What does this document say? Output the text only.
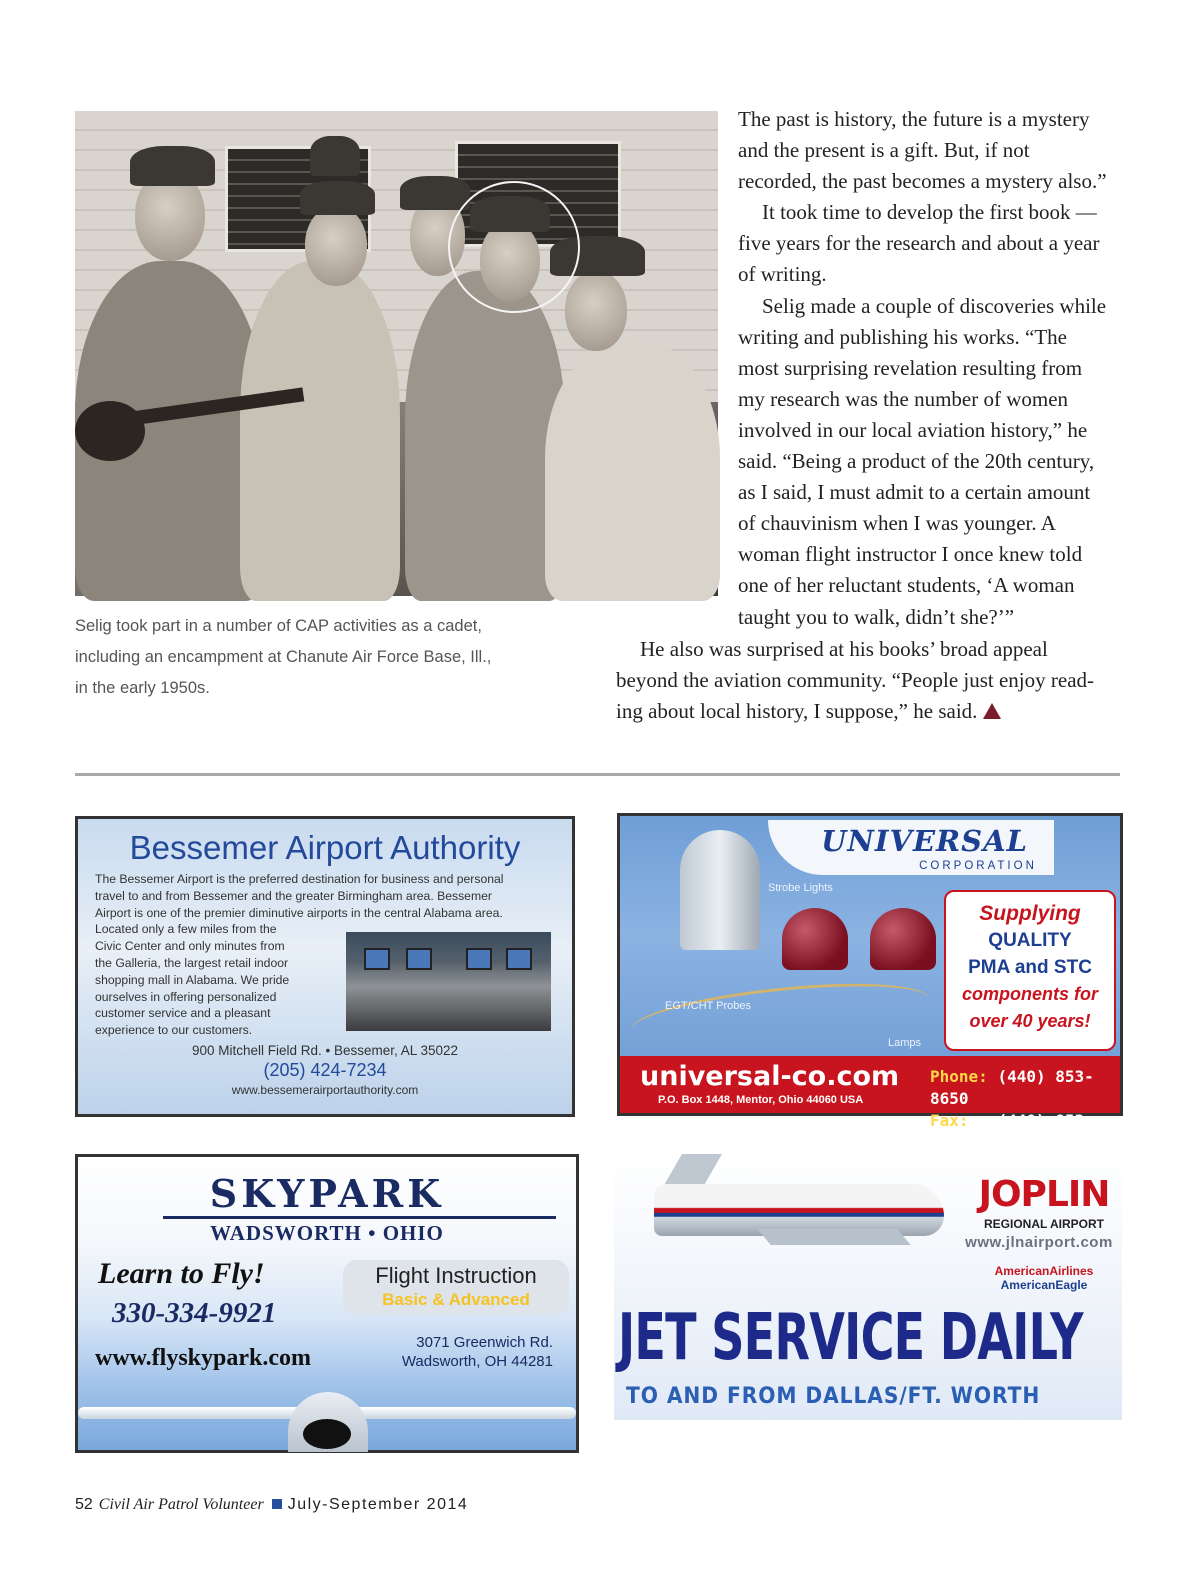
Selig took part in a number of CAP activities as a cadet,
including an encampment at Chanute Air Force Base, Ill.,
in the early 1950s.
The past is history, the future is a mystery
and the present is a gift. But, if not
recorded, the past becomes a mystery also.”
It took time to develop the first book —
five years for the research and about a year
of writing.
Selig made a couple of discoveries while
writing and publishing his works. “The
most surprising revelation resulting from
my research was the number of women
involved in our local aviation history,” he
said. “Being a product of the 20th century,
as I said, I must admit to a certain amount
of chauvinism when I was younger. A
woman flight instructor I once knew told
one of her reluctant students, ‘A woman
taught you to walk, didn’t she?’”
He also was surprised at his books’ broad appeal
beyond the aviation community. “People just enjoy read-
ing about local history, I suppose,” he said.
Bessemer Airport Authority
The Bessemer Airport is the preferred destination for business and personal
travel to and from Bessemer and the greater Birmingham area. Bessemer
Airport is one of the premier diminutive airports in the central Alabama area.
Located only a few miles from the
Civic Center and only minutes from
the Galleria, the largest retail indoor
shopping mall in Alabama. We pride
ourselves in offering personalized
customer service and a pleasant
experience to our customers.
900 Mitchell Field Rd. • Bessemer, AL 35022
(205) 424-7234
www.bessemerairportauthority.com
UNIVERSAL
CORPORATION
Strobe Lights
EGT/CHT Probes
Lamps
Supplying
QUALITY
PMA and STC
components for
over 40 years!
universal-co.com
P.O. Box 1448, Mentor, Ohio 44060 USA
Phone: (440) 853-8650
Fax: (440) 853-8651
SKYPARK
WADSWORTH • OHIO
Learn to Fly!
330-334-9921
www.flyskypark.com
Flight Instruction
Basic & Advanced
3071 Greenwich Rd.
Wadsworth, OH 44281
JOPLIN
REGIONAL AIRPORT
www.jlnairport.com
AmericanAirlines
AmericanEagle
JET SERVICE DAILY
TO AND FROM DALLAS/FT. WORTH
52 Civil Air Patrol Volunteer July-September 2014
